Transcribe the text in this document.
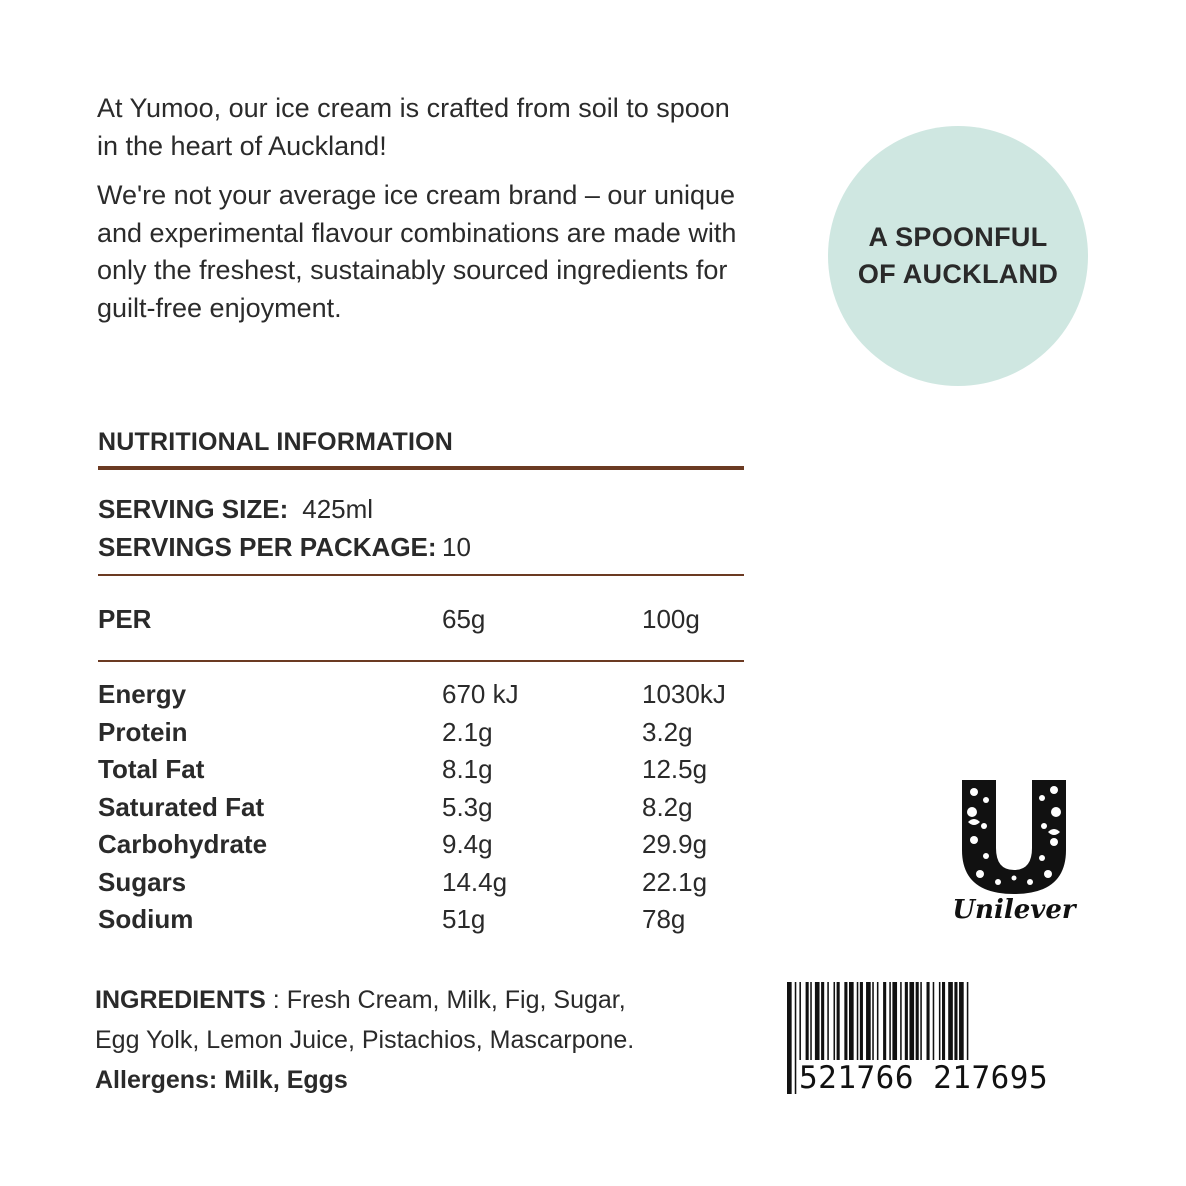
At Yumoo, our ice cream is crafted from soil to spoon in the heart of Auckland!

We're not your average ice cream brand – our unique and experimental flavour combinations are made with only the freshest, sustainably sourced ingredients for guilt-free enjoyment.

A SPOONFUL
OF AUCKLAND
NUTRITIONAL INFORMATION
SERVING SIZE: 425ml
SERVINGS PER PACKAGE: 10
PER	65g	100g
Energy	670 kJ	1030kJ
Protein	2.1g	3.2g
Total Fat	8.1g	12.5g
Saturated Fat	5.3g	8.2g
Carbohydrate	9.4g	29.9g
Sugars	14.4g	22.1g
Sodium	51g	78g
INGREDIENTS : Fresh Cream, Milk, Fig, Sugar,
Egg Yolk, Lemon Juice, Pistachios, Mascarpone.
Allergens: Milk, Eggs
Unilever
521766 217695
